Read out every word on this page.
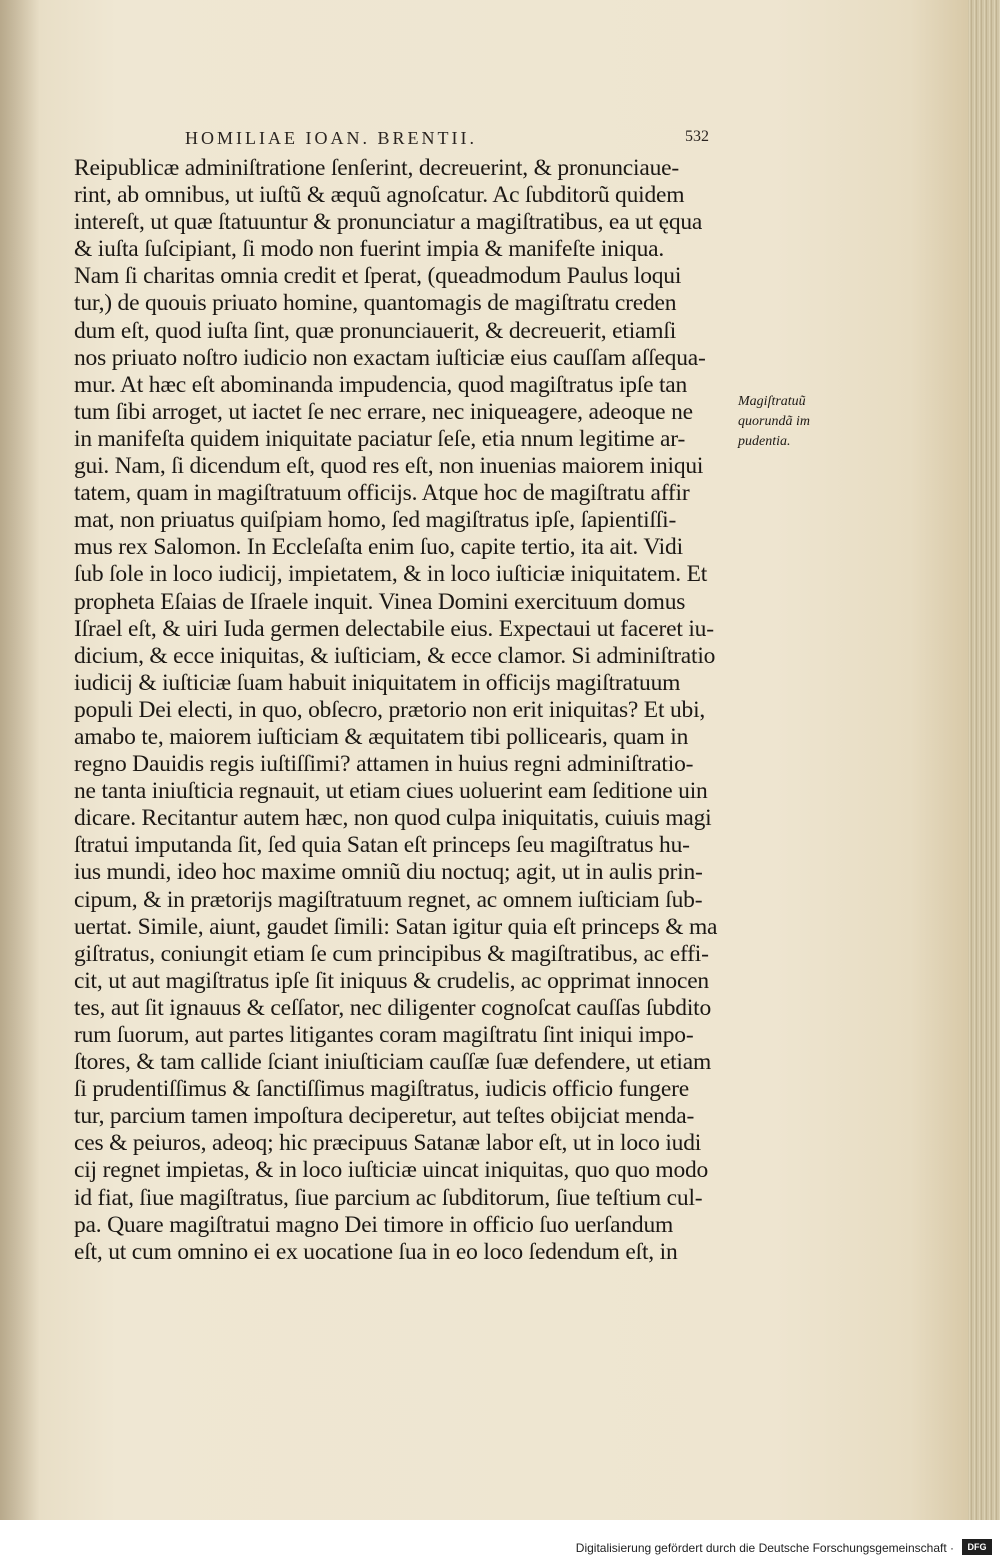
HOMILIAE IOAN. BRENTII.	532
Reipublicæ adminiſtratione ſenſerint, decreuerint, & pronunciaue-
rint, ab omnibus, ut iuſtũ & æquũ agnoſcatur. Ac ſubditorũ quidem
intereſt, ut quæ ſtatuuntur & pronunciatur a magiſtratibus, ea ut ęqua
& iuſta ſuſcipiant, ſi modo non fuerint impia & manifeſte iniqua.
Nam ſi charitas omnia credit et ſperat, (queadmodum Paulus loqui
tur,) de quouis priuato homine, quantomagis de magiſtratu creden
dum eſt, quod iuſta ſint, quæ pronunciauerit, & decreuerit, etiamſi
nos priuato noſtro iudicio non exactam iuſticiæ eius cauſſam aſſequa-
mur. At hæc eſt abominanda impudencia, quod magiſtratus ipſe tan
tum ſibi arroget, ut iactet ſe nec errare, nec iniqueagere, adeoque ne
in manifeſta quidem iniquitate paciatur ſeſe, etia nnum legitime ar-
gui. Nam, ſi dicendum eſt, quod res eſt, non inuenias maiorem iniqui
tatem, quam in magiſtratuum officijs. Atque hoc de magiſtratu affir
mat, non priuatus quiſpiam homo, ſed magiſtratus ipſe, ſapientiſſi-
mus rex Salomon. In Eccleſaſta enim ſuo, capite tertio, ita ait. Vidi
ſub ſole in loco iudicij, impietatem, & in loco iuſticiæ iniquitatem. Et
propheta Eſaias de Iſraele inquit. Vinea Domini exercituum domus
Iſrael eſt, & uiri Iuda germen delectabile eius. Expectaui ut faceret iu-
dicium, & ecce iniquitas, & iuſticiam, & ecce clamor. Si adminiſtratio
iudicij & iuſticiæ ſuam habuit iniquitatem in officijs magiſtratuum
populi Dei electi, in quo, obſecro, prætorio non erit iniquitas? Et ubi,
amabo te, maiorem iuſticiam & æquitatem tibi pollicearis, quam in
regno Dauidis regis iuſtiſſimi? attamen in huius regni adminiſtratio-
ne tanta iniuſticia regnauit, ut etiam ciues uoluerint eam ſeditione uin
dicare. Recitantur autem hæc, non quod culpa iniquitatis, cuiuis magi
ſtratui imputanda ſit, ſed quia Satan eſt princeps ſeu magiſtratus hu-
ius mundi, ideo hoc maxime omniũ diu noctuq; agit, ut in aulis prin-
cipum, & in prætorijs magiſtratuum regnet, ac omnem iuſticiam ſub-
uertat. Simile, aiunt, gaudet ſimili: Satan igitur quia eſt princeps & ma
giſtratus, coniungit etiam ſe cum principibus & magiſtratibus, ac effi-
cit, ut aut magiſtratus ipſe ſit iniquus & crudelis, ac opprimat innocen
tes, aut ſit ignauus & ceſſator, nec diligenter cognoſcat cauſſas ſubdito
rum ſuorum, aut partes litigantes coram magiſtratu ſint iniqui impo-
ſtores, & tam callide ſciant iniuſticiam cauſſæ ſuæ defendere, ut etiam
ſi prudentiſſimus & ſanctiſſimus magiſtratus, iudicis officio fungere
tur, parcium tamen impoſtura deciperetur, aut teſtes obijciat menda-
ces & peiuros, adeoq; hic præcipuus Satanæ labor eſt, ut in loco iudi
cij regnet impietas, & in loco iuſticiæ uincat iniquitas, quo quo modo
id fiat, ſiue magiſtratus, ſiue parcium ac ſubditorum, ſiue teſtium cul-
pa. Quare magiſtratui magno Dei timore in officio ſuo uerſandum
eſt, ut cum omnino ei ex uocatione ſua in eo loco ſedendum eſt, in
Magiſtratuũ
quorundã im
pudentia.
Digitalisierung gefördert durch die Deutsche Forschungsgemeinschaft ·	DFG
